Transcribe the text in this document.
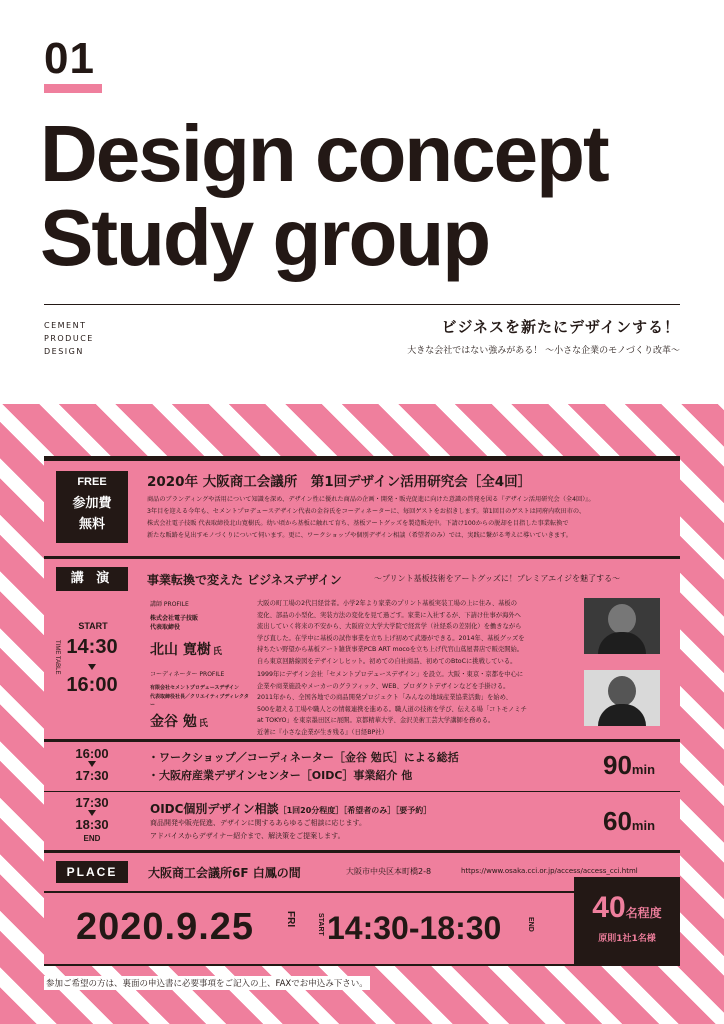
01
Design concept
Study group
CEMENT
PRODUCE
DESIGN
ビジネスを新たにデザインする！
大きな会社ではない強みがある！ 〜小さな企業のモノづくり改革〜
FREE
参加費
無料
2020年 大阪商工会議所　第1回デザイン活用研究会［全4回］
商品のブランディングや活用について知識を深め、デザイン性に優れた商品の企画・開発・販売促進に向けた意識の啓発を図る『デザイン活用研究会（全4回）』。
3年目を迎える今年も、セメントプロデュースデザイン代表の金谷氏をコーディネーターに、毎回ゲストをお招きします。第1回目のゲストは同府内吹田市の、
株式会社電子技販 代表取締役北山寛樹氏。幼い頃から基板に触れて育ち、基板アートグッズを製造販売中。下請け100からの脱却を目指した事業転換で
新たな販路を見出すモノづくりについて伺います。更に、ワークショップや個別デザイン相談（希望者のみ）では、実践に繋がる考えに導いていきます。
講 演	事業転換で変えた ビジネスデザイン	〜プリント基板技術をアートグッズに！プレミアエイジを魅了する〜
TIME TABLE
START
14:30
16:00
講師 PROFILE
株式会社電子技販
代表取締役
北山 寛樹 氏
大阪の町工場の2代目経営者。小学2年より家業のプリント基板実装工場の上に住み、基板の
変化、部品の小型化、実装方法の変化を見て過ごす。家業に入社するが、下請け仕事が海外へ
流出していく将来の不安から、大阪府立大学大学院で経営学（社経系の差別化）を働きながら
学び直した。在学中に基板の試作事業を立ち上げ初めて武器ができる。2014年、基板グッズを
持ちたい野望から基板アート雑貨事業PCB ART mocoを立ち上げ代官山蔦屋書店で販売開始。
自ら東京回路線図をデザインしヒット。初めての自社商品、初めてのBtoCに挑戦している。
コーディネーター PROFILE
有限会社セメントプロデュースデザイン
代表取締役社長／クリエイティブディレクター
金谷 勉 氏
1999年にデザイン会社「セメントプロデュースデザイン」を設立。大阪・東京・京都を中心に
企業や商業施設やメーカーのグラフィック、WEB、プロダクトデザインなどを手掛ける。
2011年から、全国各地での商品開発プロジェクト「みんなの地域産業協業活動」を始め、
500を超える工場や職人との情報連携を進める。職人道の技術を学び、伝える場「コトモノミチ
at TOKYO」を東京墨田区に展開。京都精華大学、金沢美術工芸大学講師を務める。
近著に『小さな企業が生き残る』（日経BP社）
16:00
17:30
・ワークショップ／コーディネーター［金谷 勉氏］による総括
・大阪府産業デザインセンター［OIDC］事業紹介 他	90min
17:30
18:30
END
OIDC個別デザイン相談［1回20分程度］［希望者のみ］［要予約］
商品開発や販売促進、デザインに関するあらゆるご相談に応じます。
アドバイスからデザイナー紹介まで、解決策をご提案します。	60min
PLACE	大阪商工会議所6F 白鳳の間	大阪市中央区本町橋2-8	https://www.osaka.cci.or.jp/access/access_cci.html
2020.9.25	FRI	START 14:30-18:30	END
40名程度
原則1社1名様
参加ご希望の方は、裏面の申込書に必要事項をご記入の上、FAXでお申込み下さい。
